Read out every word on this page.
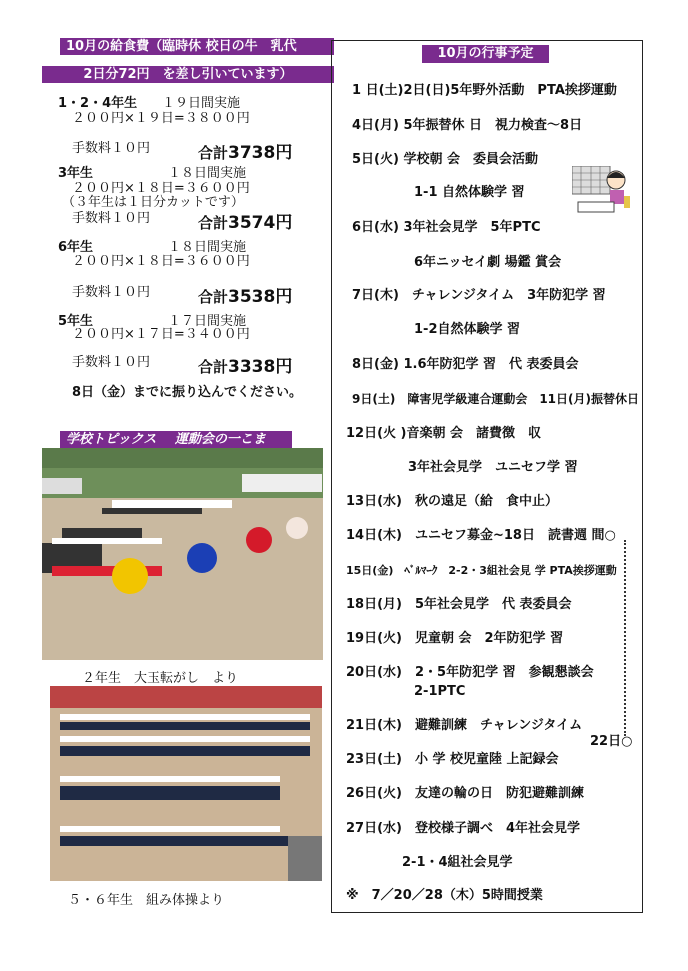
10月の給食費（臨時休 校日の牛　乳代
2日分72円　を差し引いています）
1・2・4年生 １９日間実施
２００円×１９日=３８００円
手数料１０円	合計3738円
3年生	１８日間実施
２００円×１８日=３６００円
（３年生は１日分カットです）
手数料１０円	合計3574円
6年生	１８日間実施
２００円×１８日=３６００円
手数料１０円	合計3538円
5年生	１７日間実施
２００円×１７日=３４００円
手数料１０円	合計3338円
8日（金）までに振り込んでください。
学校トピックス 運動会の一こま
２年生　大玉転がし　より
５・６年生　組み体操より
10月の行事予定
1 日(土)2日(日)5年野外活動　PTA挨拶運動
4日(月) 5年振替休 日　視力検査～8日
5日(火) 学校朝 会　委員会活動
1-1 自然体験学 習
6日(水) 3年社会見学　5年PTC
6年ニッセイ劇 場鑑 賞会
7日(木)　チャレンジタイム　3年防犯学 習
1-2自然体験学 習
8日(金) 1.6年防犯学 習　代 表委員会
9日(土)　障害児学級連合運動会　11日(月)振替休日
12日(火 )音楽朝 会　諸費徴　収
3年社会見学　ユニセフ学 習
13日(水)　秋の遠足（給　食中止）
14日(木)　ユニセフ募金~18日　読書週 間○
15日(金)　ﾍﾞﾙﾏｰｸ　2-2・3組社会見 学 PTA挨拶運動
18日(月)　5年社会見学　代 表委員会
19日(火)　児童朝 会　2年防犯学 習
20日(水)　2・5年防犯学 習　参観懇談会
2-1PTC
21日(木)　避難訓練　チャレンジタイム
22日○
23日(土)　小 学 校児童陸 上記録会
26日(火)　友達の輪の日　防犯避難訓練
27日(水)　登校様子調べ　4年社会見学
2-1・4組社会見学
※　7／20／28（木）5時間授業
